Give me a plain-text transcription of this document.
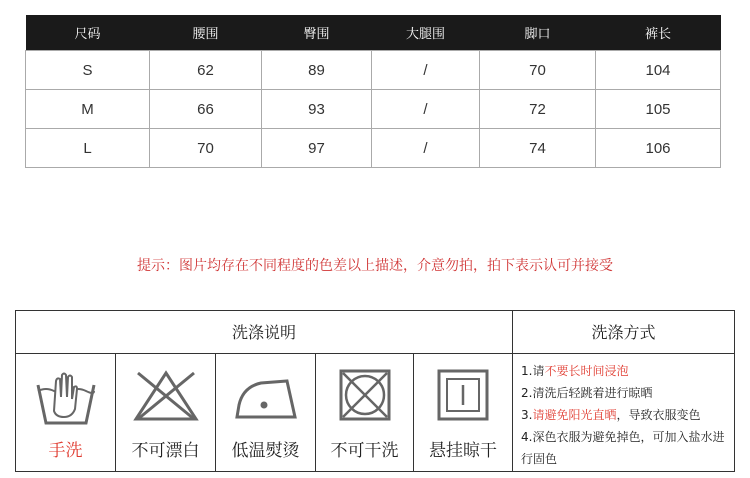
尺码	腰围	臀围	大腿围	脚口	裤长
S	62	89	/	70	104
M	66	93	/	72	105
L	70	97	/	74	106
提示：图片均存在不同程度的色差以上描述，介意勿拍，拍下表示认可并接受
洗涤说明	洗涤方式
手洗	不可漂白	低温熨烫	不可干洗	悬挂晾干

1.请不要长时间浸泡

2.清洗后轻跳着进行晾晒

3.请避免阳光直晒，导致衣服变色

4.深色衣服为避免掉色，可加入盐水进行固色
